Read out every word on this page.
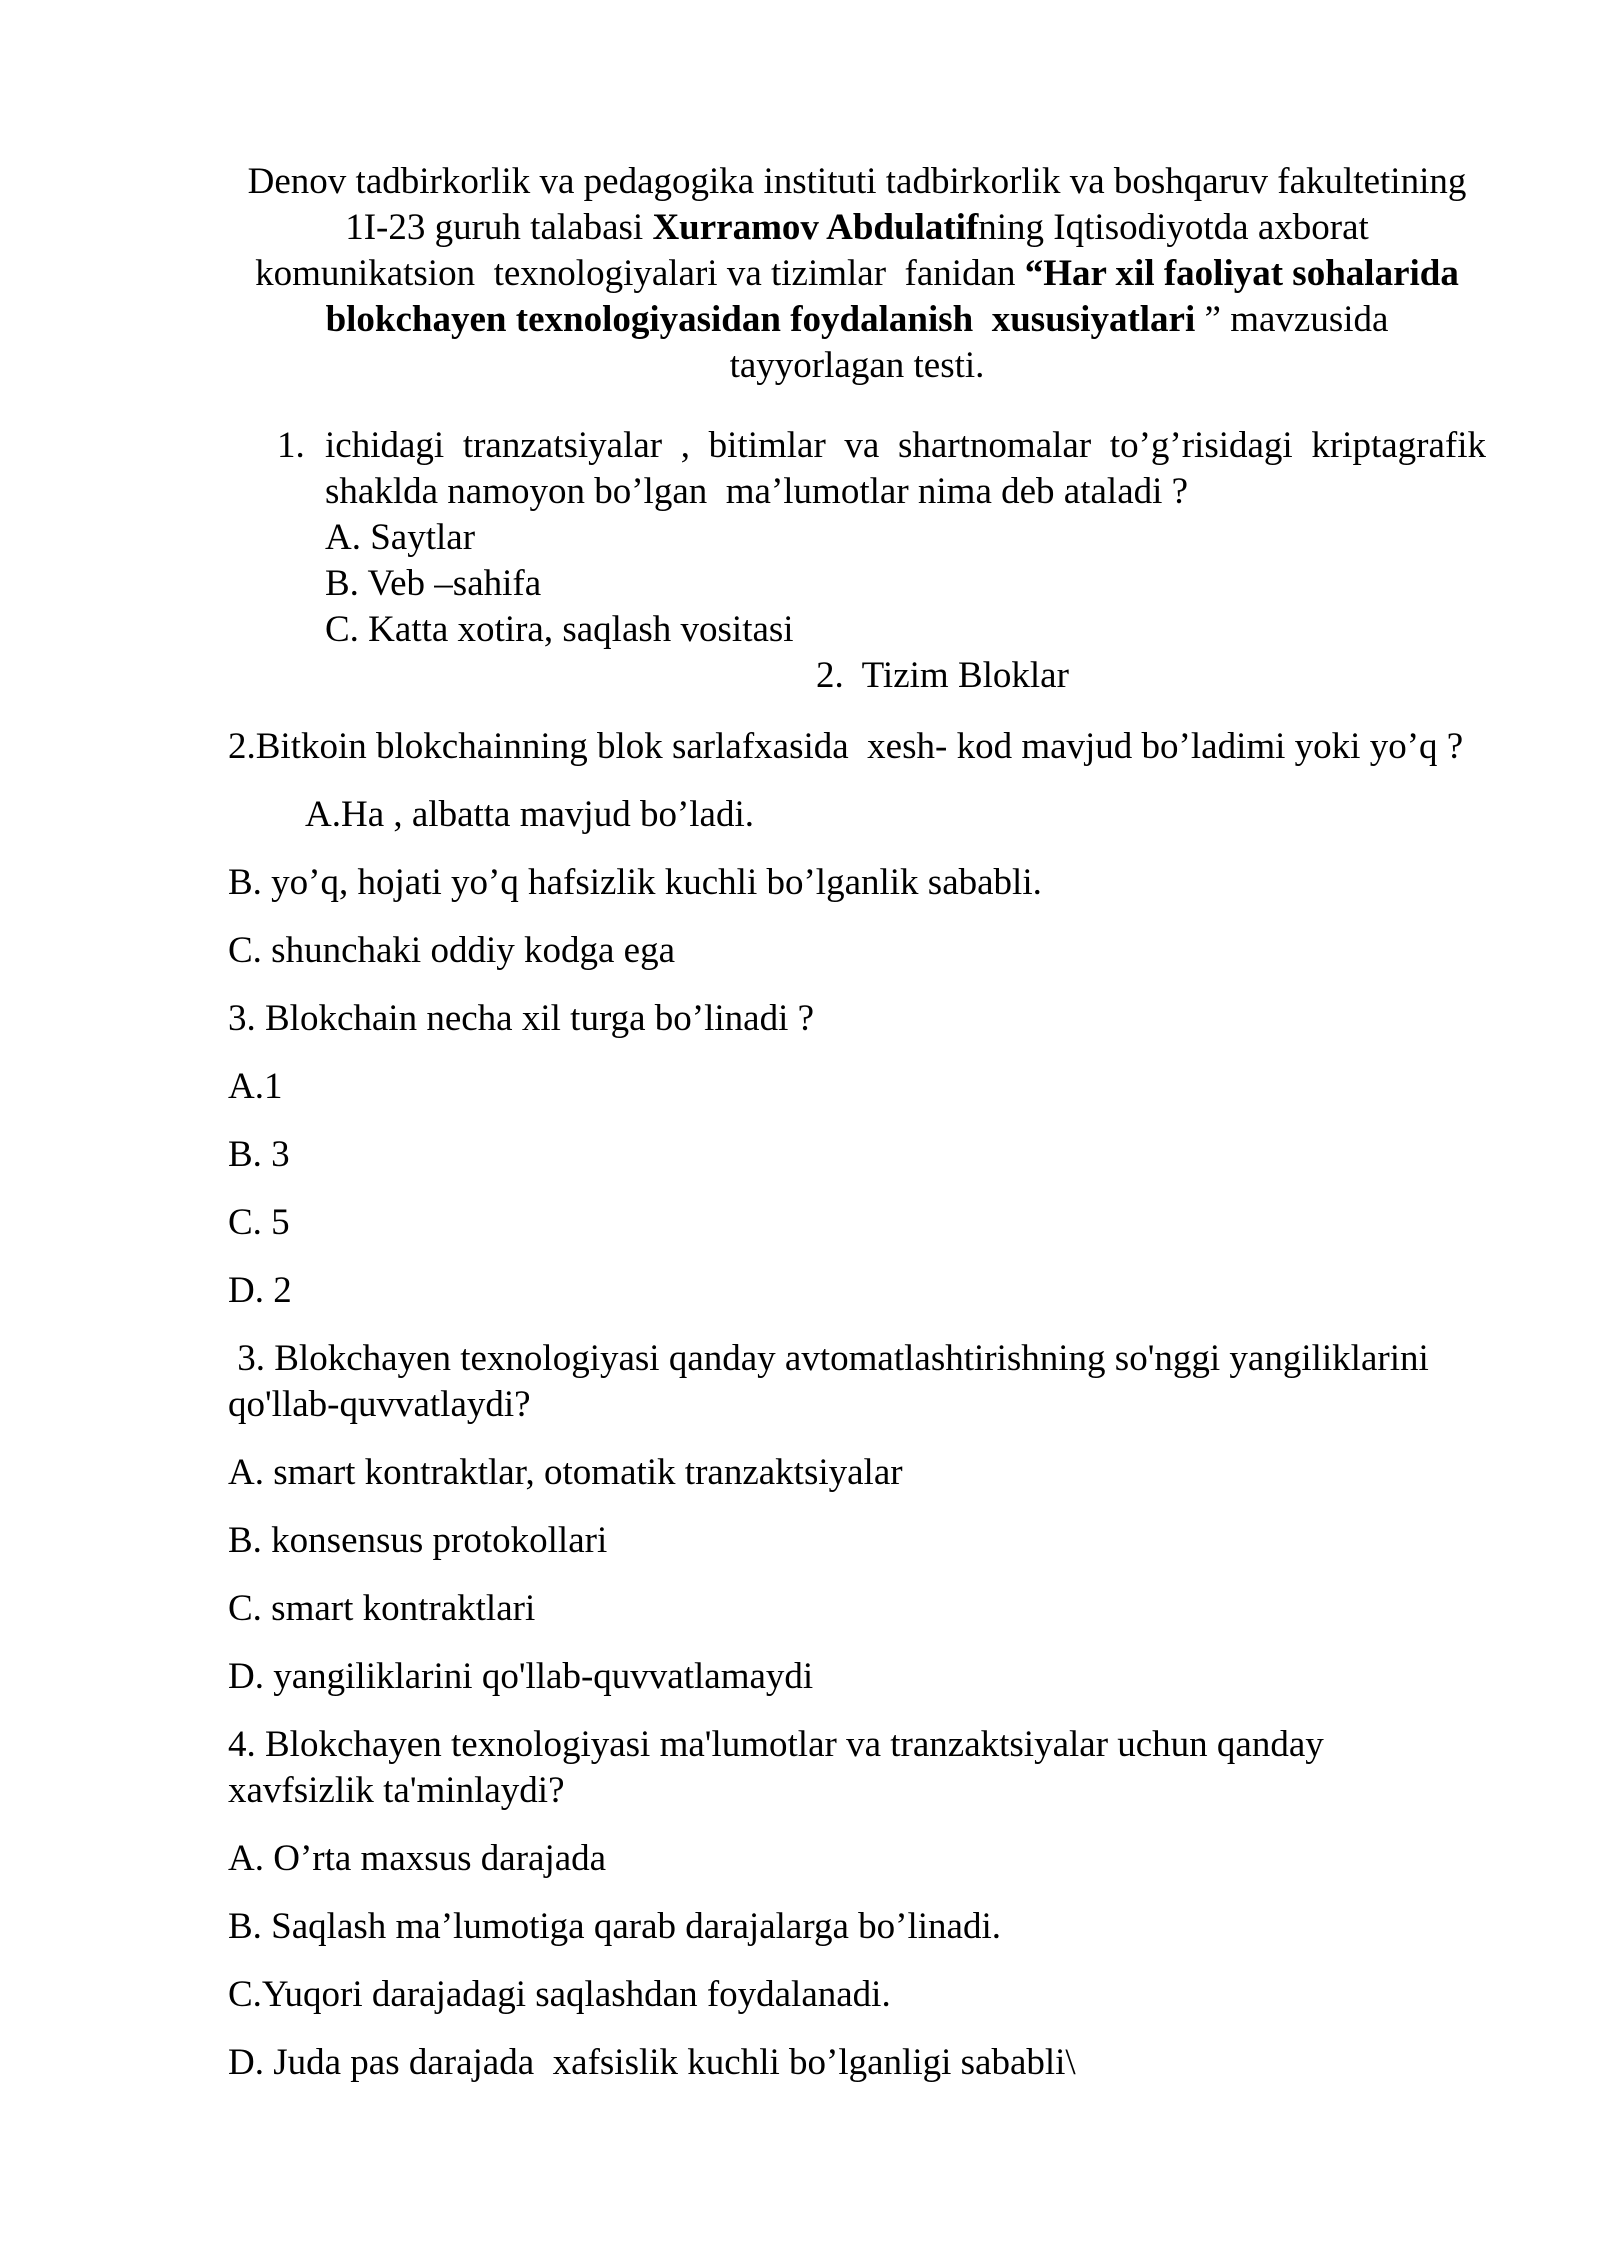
Denov tadbirkorlik va pedagogika instituti tadbirkorlik va boshqaruv fakultetining
1I-23 guruh talabasi Xurramov Abdulatifning Iqtisodiyotda axborat
komunikatsion  texnologiyalari va tizimlar  fanidan “Har xil faoliyat sohalarida
blokchayen texnologiyasidan foydalanish  xususiyatlari ” mavzusida
tayyorlagan testi.
1. ichidagi tranzatsiyalar , bitimlar va shartnomalar to’g’risidagi kriptagrafik
shaklda namoyon bo’lgan  ma’lumotlar nima deb ataladi ?
A. Saytlar
B. Veb –sahifa
C. Katta xotira, saqlash vositasi
2.  Tizim Bloklar

2.Bitkoin blokchainning blok sarlafxasida  xesh- kod mavjud bo’ladimi yoki yo’q ?

A.Ha , albatta mavjud bo’ladi.

B. yo’q, hojati yo’q hafsizlik kuchli bo’lganlik sababli.

C. shunchaki oddiy kodga ega

3. Blokchain necha xil turga bo’linadi ?

A.1

B. 3

C. 5

D. 2

3. Blokchayen texnologiyasi qanday avtomatlashtirishning so'nggi yangiliklarini
qo'llab-quvvatlaydi?

A. smart kontraktlar, otomatik tranzaktsiyalar

B. konsensus protokollari

C. smart kontraktlari

D. yangiliklarini qo'llab-quvvatlamaydi

4. Blokchayen texnologiyasi ma'lumotlar va tranzaktsiyalar uchun qanday
xavfsizlik ta'minlaydi?

A. O’rta maxsus darajada

B. Saqlash ma’lumotiga qarab darajalarga bo’linadi.

C.Yuqori darajadagi saqlashdan foydalanadi.

D. Juda pas darajada  xafsislik kuchli bo’lganligi sababli\
